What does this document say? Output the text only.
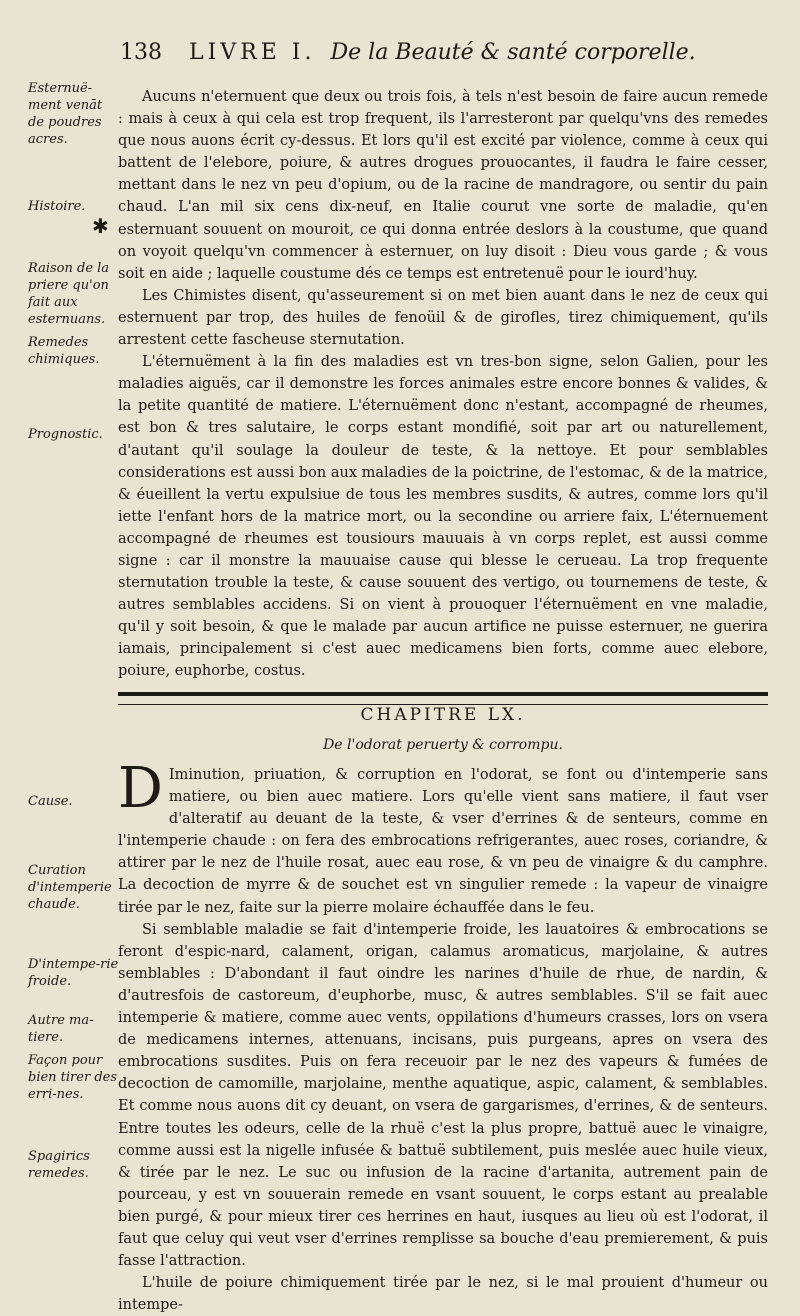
138 LIVRE I. De la Beauté & santé corporelle.
Esternuë-ment venāt de poudres acres.
Histoire.
✱
Raison de la priere qu'on fait aux esternuans.
Remedes chimiques.
Prognostic.
Cause.
Curation d'intemperie chaude.
D'intempe-rie froide.
Autre ma-tiere.
Façon pour bien tirer des erri-nes.
Spagirics remedes.

Aucuns n'eternuent que deux ou trois fois, à tels n'est besoin de faire aucun remede : mais à ceux à qui cela est trop frequent, ils l'arresteront par quelqu'vns des remedes que nous auons écrit cy-dessus. Et lors qu'il est excité par violence, comme à ceux qui battent de l'elebore, poiure, & autres drogues prouocantes, il faudra le faire cesser, mettant dans le nez vn peu d'opium, ou de la racine de mandragore, ou sentir du pain chaud. L'an mil six cens dix-neuf, en Italie courut vne sorte de maladie, qu'en esternuant souuent on mouroit, ce qui donna entrée deslors à la coustume, que quand on voyoit quelqu'vn commencer à esternuer, on luy disoit : Dieu vous garde ; & vous soit en aide ; laquelle coustume dés ce temps est entretenuë pour le iourd'huy.

Les Chimistes disent, qu'asseurement si on met bien auant dans le nez de ceux qui esternuent par trop, des huiles de fenoüil & de girofles, tirez chimiquement, qu'ils arrestent cette fascheuse sternutation.

L'éternuëment à la fin des maladies est vn tres-bon signe, selon Galien, pour les maladies aiguës, car il demonstre les forces animales estre encore bonnes & valides, & la petite quantité de matiere. L'éternuëment donc n'estant, accompagné de rheumes, est bon & tres salutaire, le corps estant mondifié, soit par art ou naturellement, d'autant qu'il soulage la douleur de teste, & la nettoye. Et pour semblables considerations est aussi bon aux maladies de la poictrine, de l'estomac, & de la matrice, & éueillent la vertu expulsiue de tous les membres susdits, & autres, comme lors qu'il iette l'enfant hors de la matrice mort, ou la secondine ou arriere faix, L'éternuement accompagné de rheumes est tousiours mauuais à vn corps replet, est aussi comme signe : car il monstre la mauuaise cause qui blesse le cerueau. La trop frequente sternutation trouble la teste, & cause souuent des vertigo, ou tournemens de teste, & autres semblables accidens. Si on vient à prouoquer l'éternuëment en vne maladie, qu'il y soit besoin, & que le malade par aucun artifice ne puisse esternuer, ne guerira iamais, principalement si c'est auec medicamens bien forts, comme auec elebore, poiure, euphorbe, costus.

CHAPITRE LX.
De l'odorat peruerty & corrompu.

D Iminution, priuation, & corruption en l'odorat, se font ou d'intemperie sans matiere, ou bien auec matiere. Lors qu'elle vient sans matiere, il faut vser d'alteratif au deuant de la teste, & vser d'errines & de senteurs, comme en l'intemperie chaude : on fera des embrocations refrigerantes, auec roses, coriandre, & attirer par le nez de l'huile rosat, auec eau rose, & vn peu de vinaigre & du camphre. La decoction de myrre & de souchet est vn singulier remede : la vapeur de vinaigre tirée par le nez, faite sur la pierre molaire échauffée dans le feu.

Si semblable maladie se fait d'intemperie froide, les lauatoires & embrocations se feront d'espic-nard, calament, origan, calamus aromaticus, marjolaine, & autres semblables : D'abondant il faut oindre les narines d'huile de rhue, de nardin, & d'autresfois de castoreum, d'euphorbe, musc, & autres semblables. S'il se fait auec intemperie & matiere, comme auec vents, oppilations d'humeurs crasses, lors on vsera de medicamens internes, attenuans, incisans, puis purgeans, apres on vsera des embrocations susdites. Puis on fera receuoir par le nez des vapeurs & fumées de decoction de camomille, marjolaine, menthe aquatique, aspic, calament, & semblables. Et comme nous auons dit cy deuant, on vsera de gargarismes, d'errines, & de senteurs. Entre toutes les odeurs, celle de la rhuë c'est la plus propre, battuë auec le vinaigre, comme aussi est la nigelle infusée & battuë subtilement, puis meslée auec huile vieux, & tirée par le nez. Le suc ou infusion de la racine d'artanita, autrement pain de pourceau, y est vn souuerain remede en vsant souuent, le corps estant au prealable bien purgé, & pour mieux tirer ces herrines en haut, iusques au lieu où est l'odorat, il faut que celuy qui veut vser d'errines remplisse sa bouche d'eau premierement, & puis fasse l'attraction.

L'huile de poiure chimiquement tirée par le nez, si le mal prouient d'humeur ou intempe-
